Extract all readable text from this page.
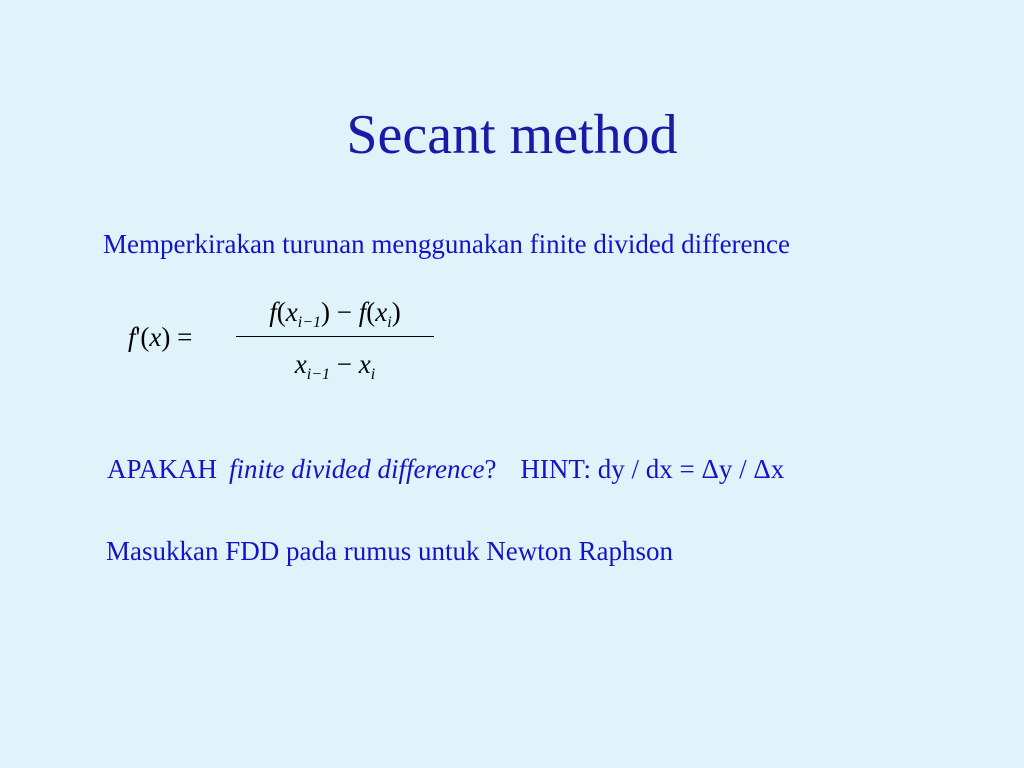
Secant method
Memperkirakan turunan menggunakan finite divided difference
f'(x) =
$f(x_{i-1}) - f(x_i)$
$x_{i-1} - x_i$
APAKAH finite divided difference? HINT: dy / dx = Δy / Δx
Masukkan FDD pada rumus untuk Newton Raphson
